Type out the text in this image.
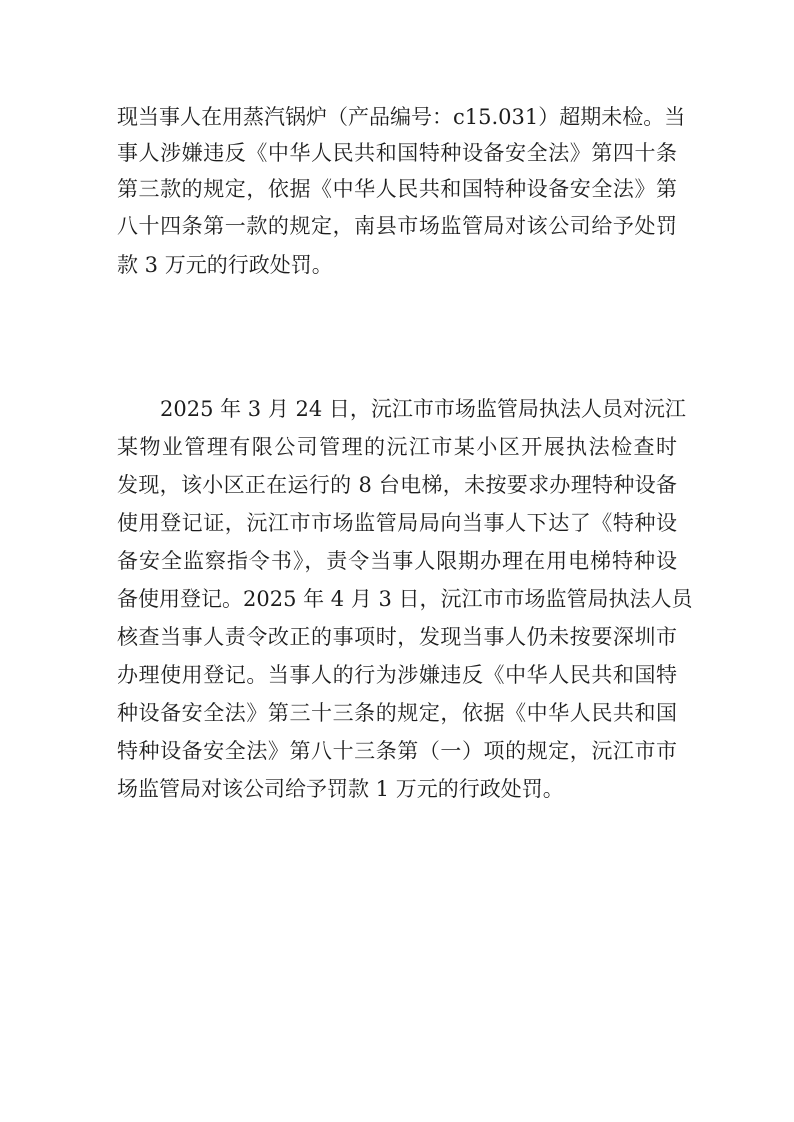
现当事人在用蒸汽锅炉（产品编号：c15.031）超期未检。当
事人涉嫌违反《中华人民共和国特种设备安全法》第四十条
第三款的规定，依据《中华人民共和国特种设备安全法》第
八十四条第一款的规定，南县市场监管局对该公司给予处罚
款 3 万元的行政处罚。
2025 年 3 月 24 日，沅江市市场监管局执法人员对沅江
某物业管理有限公司管理的沅江市某小区开展执法检查时
发现，该小区正在运行的 8 台电梯，未按要求办理特种设备
使用登记证，沅江市市场监管局局向当事人下达了《特种设
备安全监察指令书》，责令当事人限期办理在用电梯特种设
备使用登记。2025 年 4 月 3 日，沅江市市场监管局执法人员
核查当事人责令改正的事项时，发现当事人仍未按要深圳市
办理使用登记。当事人的行为涉嫌违反《中华人民共和国特
种设备安全法》第三十三条的规定，依据《中华人民共和国
特种设备安全法》第八十三条第（一）项的规定，沅江市市
场监管局对该公司给予罚款 1 万元的行政处罚。
